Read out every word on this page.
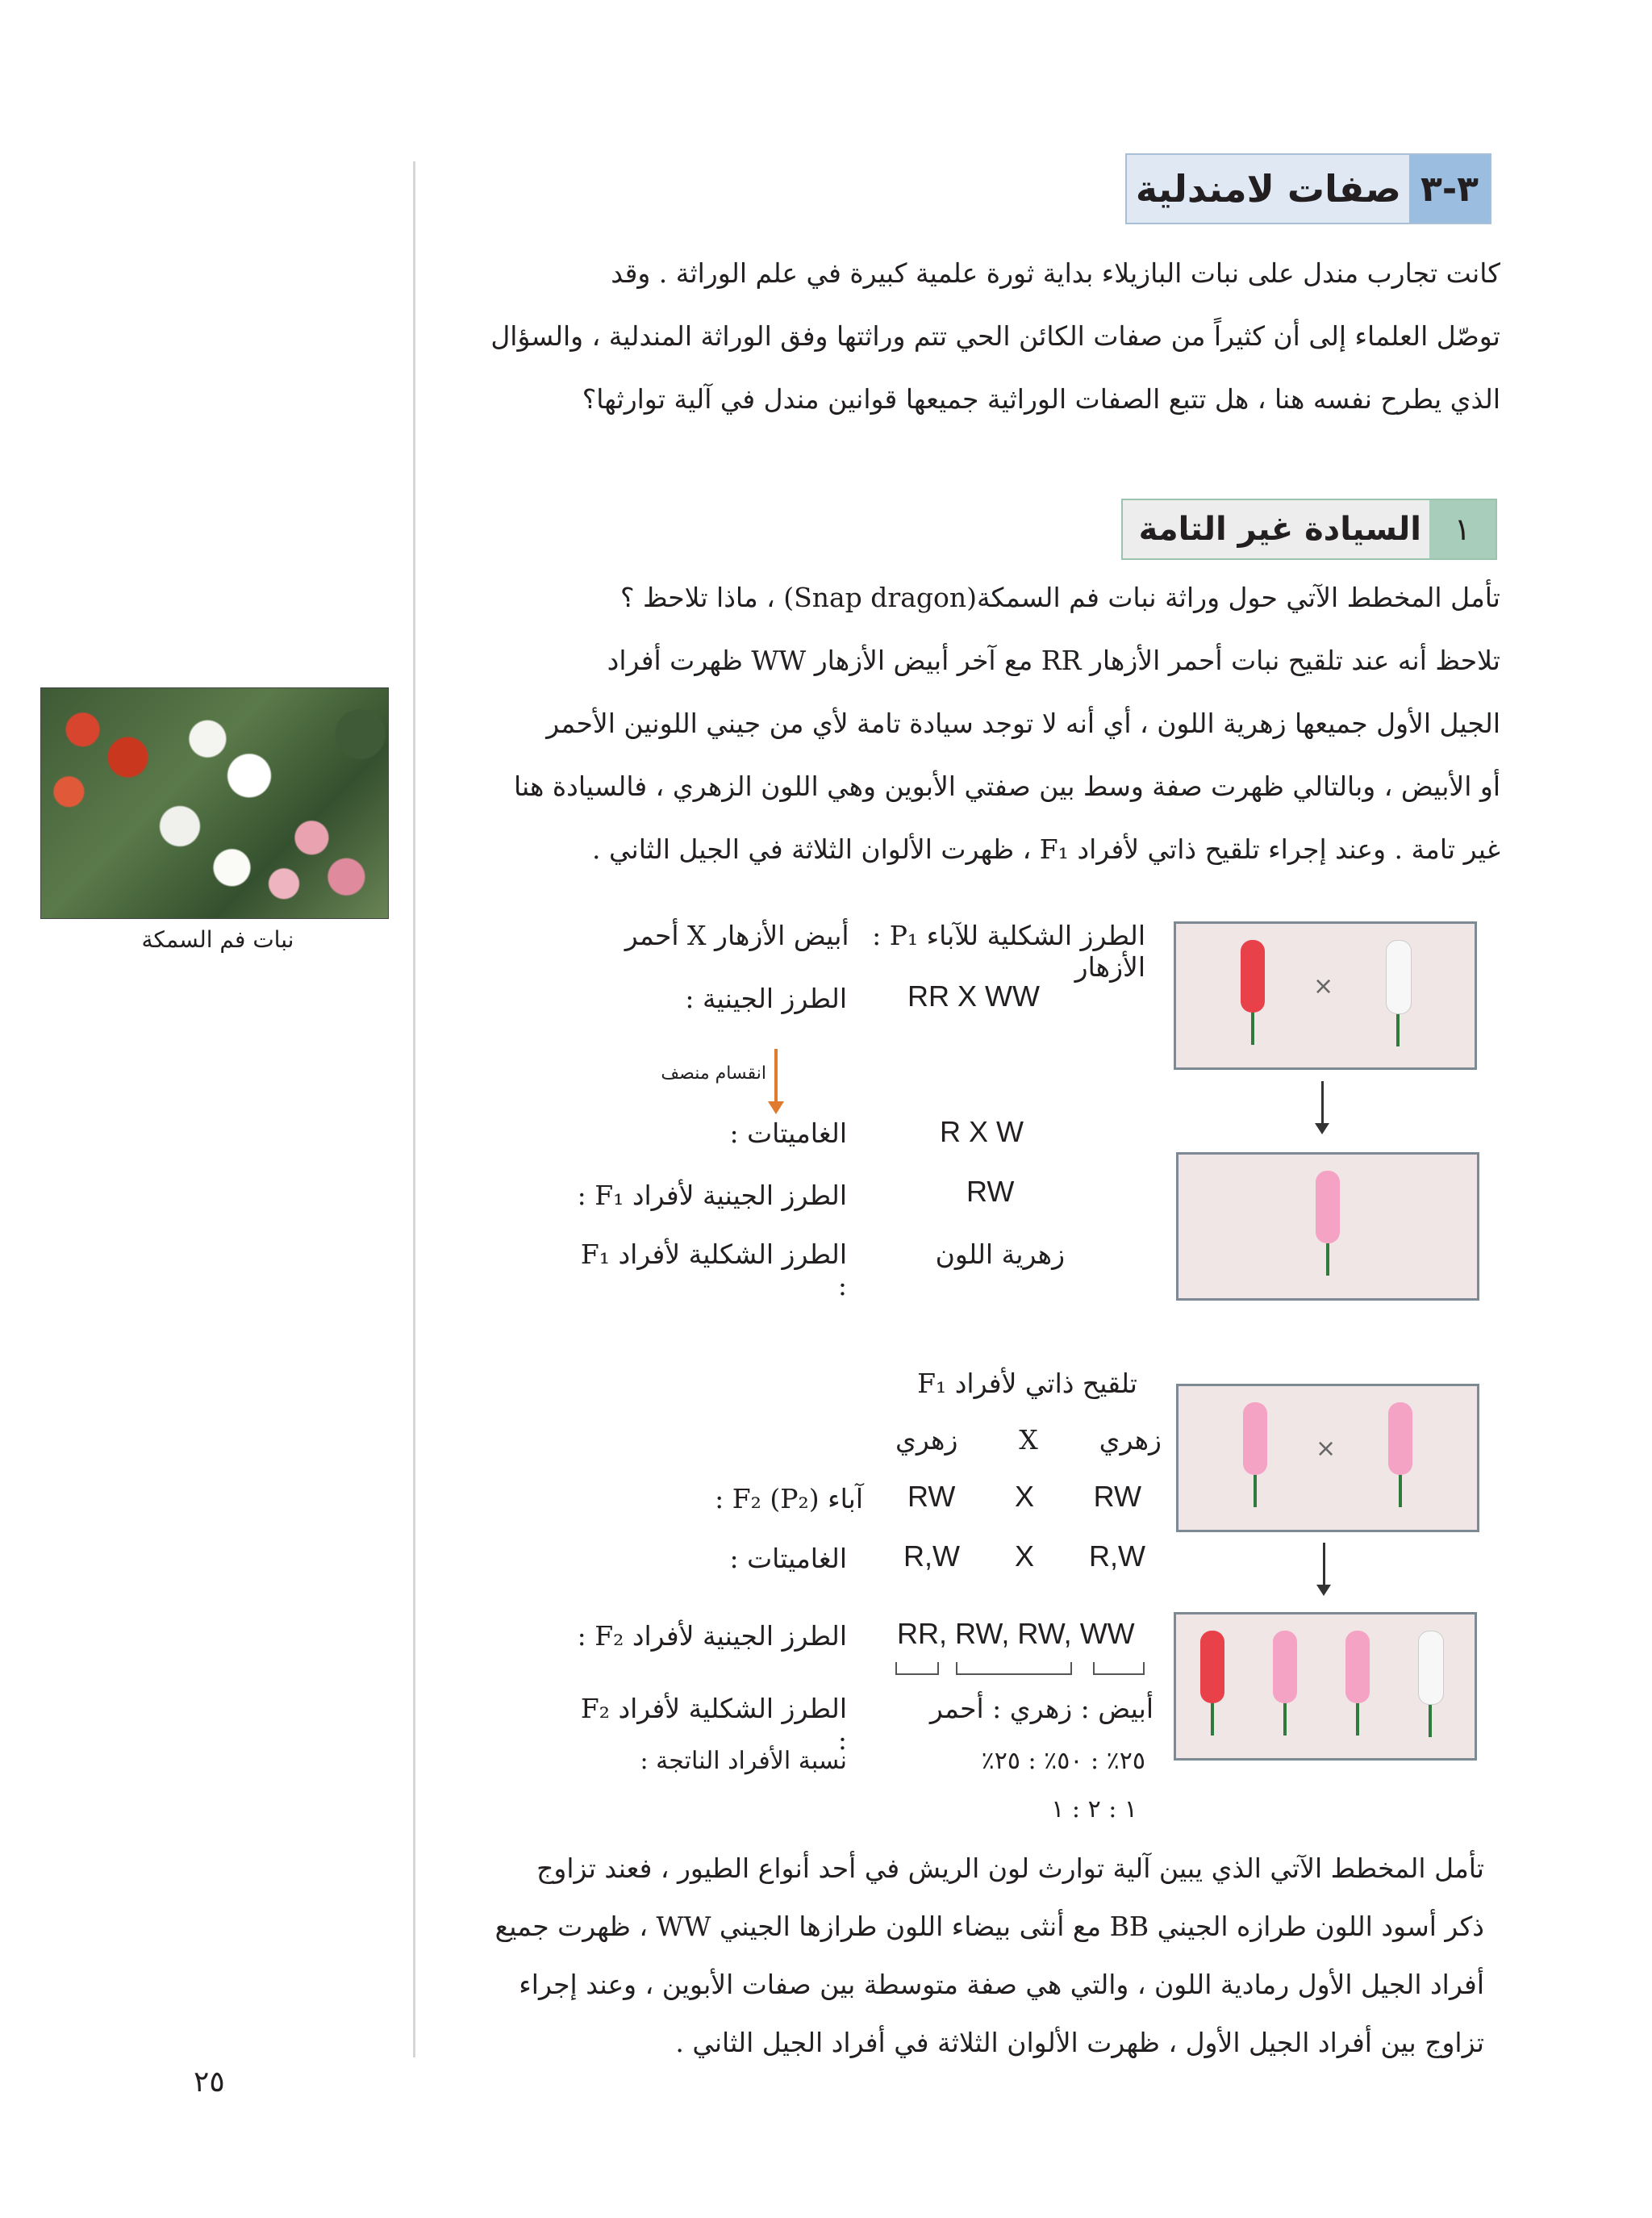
٣-٣
صفات لامندلية
كانت تجارب مندل على نبات البازيلاء بداية ثورة علمية كبيرة في علم الوراثة . وقد
توصّل العلماء إلى أن كثيراً من صفات الكائن الحي تتم وراثتها وفق الوراثة المندلية ، والسؤال
الذي يطرح نفسه هنا ، هل تتبع الصفات الوراثية جميعها قوانين مندل في آلية توارثها؟
١
السيادة غير التامة
تأمل المخطط الآتي حول وراثة نبات فم السمكة(Snap dragon) ، ماذا تلاحظ ؟
تلاحظ أنه عند تلقيح نبات أحمر الأزهار RR مع آخر أبيض الأزهار WW ظهرت أفراد
الجيل الأول جميعها زهرية اللون ، أي أنه لا توجد سيادة تامة لأي من جيني اللونين الأحمر
أو الأبيض ، وبالتالي ظهرت صفة وسط بين صفتي الأبوين وهي اللون الزهري ، فالسيادة هنا
غير تامة . وعند إجراء تلقيح ذاتي لأفراد F₁ ، ظهرت الألوان الثلاثة في الجيل الثاني .
نبات فم السمكة	الطرز الشكلية للآباء P₁ : أبيض الأزهار X أحمر الأزهار
الطرز الجينية : RR X WW
انقسام منصف
الغاميتات :	R X W
الطرز الجينية لأفراد F₁ :	RW
الطرز الشكلية لأفراد F₁ :
زهرية اللون
تلقيح ذاتي لأفراد F₁
زهري X زهري
آباء F₂ (P₂) : RW X RW
الغاميتات : R,W X R,W
الطرز الجينية لأفراد F₂ : RR, RW, RW, WW
الطرز الشكلية لأفراد F₂ :
أبيض : زهري : أحمر
نسبة الأفراد الناتجة :	٢٥٪ : ٥٠٪ : ٢٥٪
١ : ٢ : ١
×
×
تأمل المخطط الآتي الذي يبين آلية توارث لون الريش في أحد أنواع الطيور ، فعند تزاوج
ذكر أسود اللون طرازه الجيني BB مع أنثى بيضاء اللون طرازها الجيني WW ، ظهرت جميع
أفراد الجيل الأول رمادية اللون ، والتي هي صفة متوسطة بين صفات الأبوين ، وعند إجراء
تزاوج بين أفراد الجيل الأول ، ظهرت الألوان الثلاثة في أفراد الجيل الثاني .
٢٥
